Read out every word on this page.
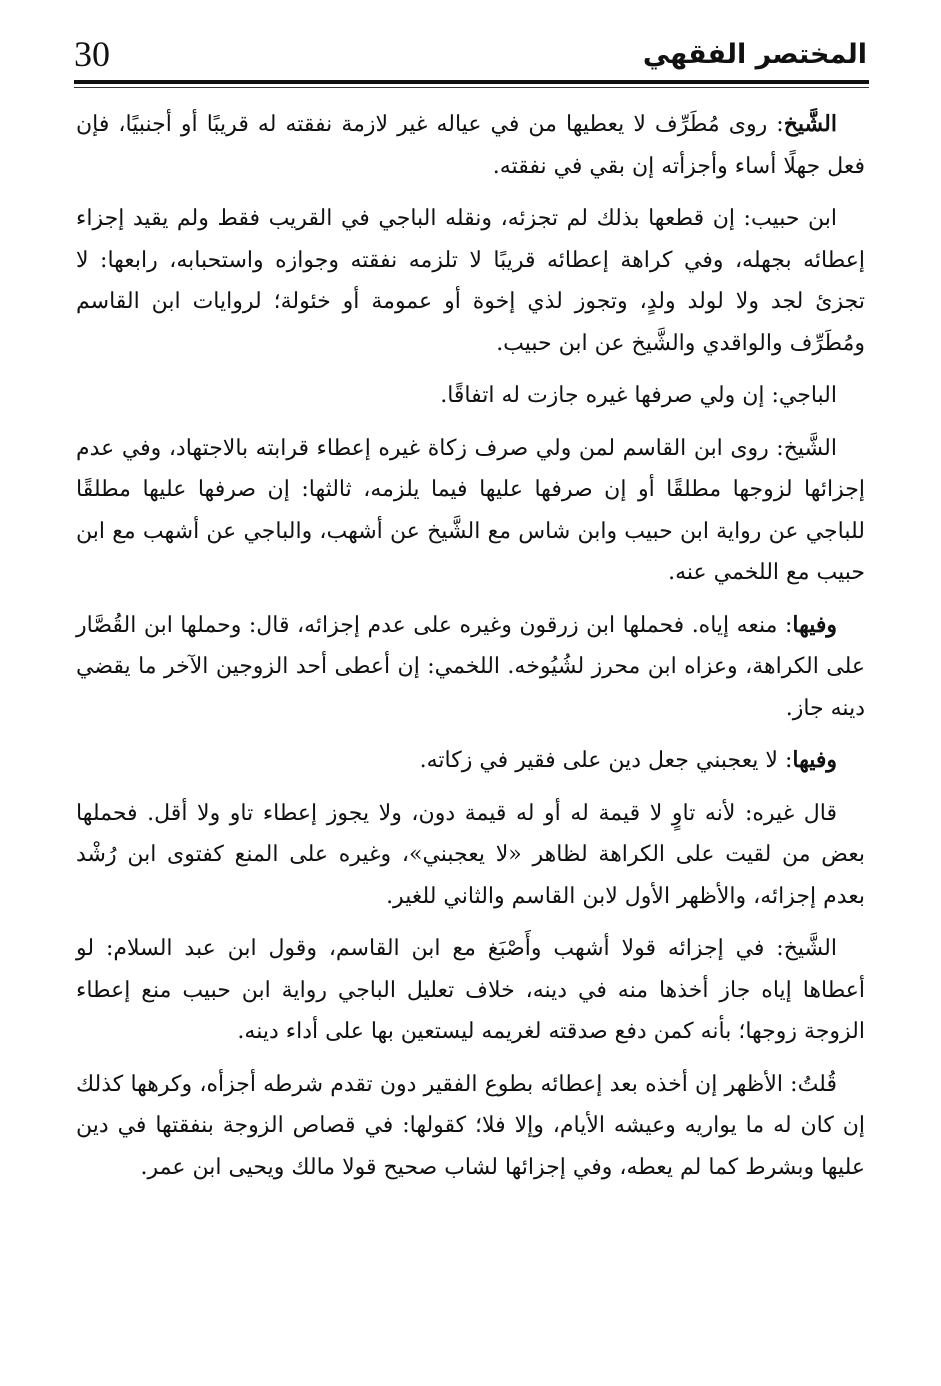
30	المختصر الفقهي

الشَّيخ: روى مُطَرِّف لا يعطيها من في عياله غير لازمة نفقته له قريبًا أو أجنبيًا، فإن فعل جهلًا أساء وأجزأته إن بقي في نفقته.

ابن حبيب: إن قطعها بذلك لم تجزئه، ونقله الباجي في القريب فقط ولم يقيد إجزاء إعطائه بجهله، وفي كراهة إعطائه قريبًا لا تلزمه نفقته وجوازه واستحبابه، رابعها: لا تجزئ لجد ولا لولد ولدٍ، وتجوز لذي إخوة أو عمومة أو خئولة؛ لروايات ابن القاسم ومُطَرِّف والواقدي والشَّيخ عن ابن حبيب.

الباجي: إن ولي صرفها غيره جازت له اتفاقًا.

الشَّيخ: روى ابن القاسم لمن ولي صرف زكاة غيره إعطاء قرابته بالاجتهاد، وفي عدم إجزائها لزوجها مطلقًا أو إن صرفها عليها فيما يلزمه، ثالثها: إن صرفها عليها مطلقًا للباجي عن رواية ابن حبيب وابن شاس مع الشَّيخ عن أشهب، والباجي عن أشهب مع ابن حبيب مع اللخمي عنه.

وفيها: منعه إياه. فحملها ابن زرقون وغيره على عدم إجزائه، قال: وحملها ابن القُصَّار على الكراهة، وعزاه ابن محرز لشُيُوخه. اللخمي: إن أعطى أحد الزوجين الآخر ما يقضي دينه جاز.

وفيها: لا يعجبني جعل دين على فقير في زكاته.

قال غيره: لأنه تاوٍ لا قيمة له أو له قيمة دون، ولا يجوز إعطاء تاو ولا أقل. فحملها بعض من لقيت على الكراهة لظاهر «لا يعجبني»، وغيره على المنع كفتوى ابن رُشْد بعدم إجزائه، والأظهر الأول لابن القاسم والثاني للغير.

الشَّيخ: في إجزائه قولا أشهب وأَصْبَغ مع ابن القاسم، وقول ابن عبد السلام: لو أعطاها إياه جاز أخذها منه في دينه، خلاف تعليل الباجي رواية ابن حبيب منع إعطاء الزوجة زوجها؛ بأنه كمن دفع صدقته لغريمه ليستعين بها على أداء دينه.

قُلتُ: الأظهر إن أخذه بعد إعطائه بطوع الفقير دون تقدم شرطه أجزأه، وكرهها كذلك إن كان له ما يواريه وعيشه الأيام، وإلا فلا؛ كقولها: في قصاص الزوجة بنفقتها في دين عليها وبشرط كما لم يعطه، وفي إجزائها لشاب صحيح قولا مالك ويحيى ابن عمر.
